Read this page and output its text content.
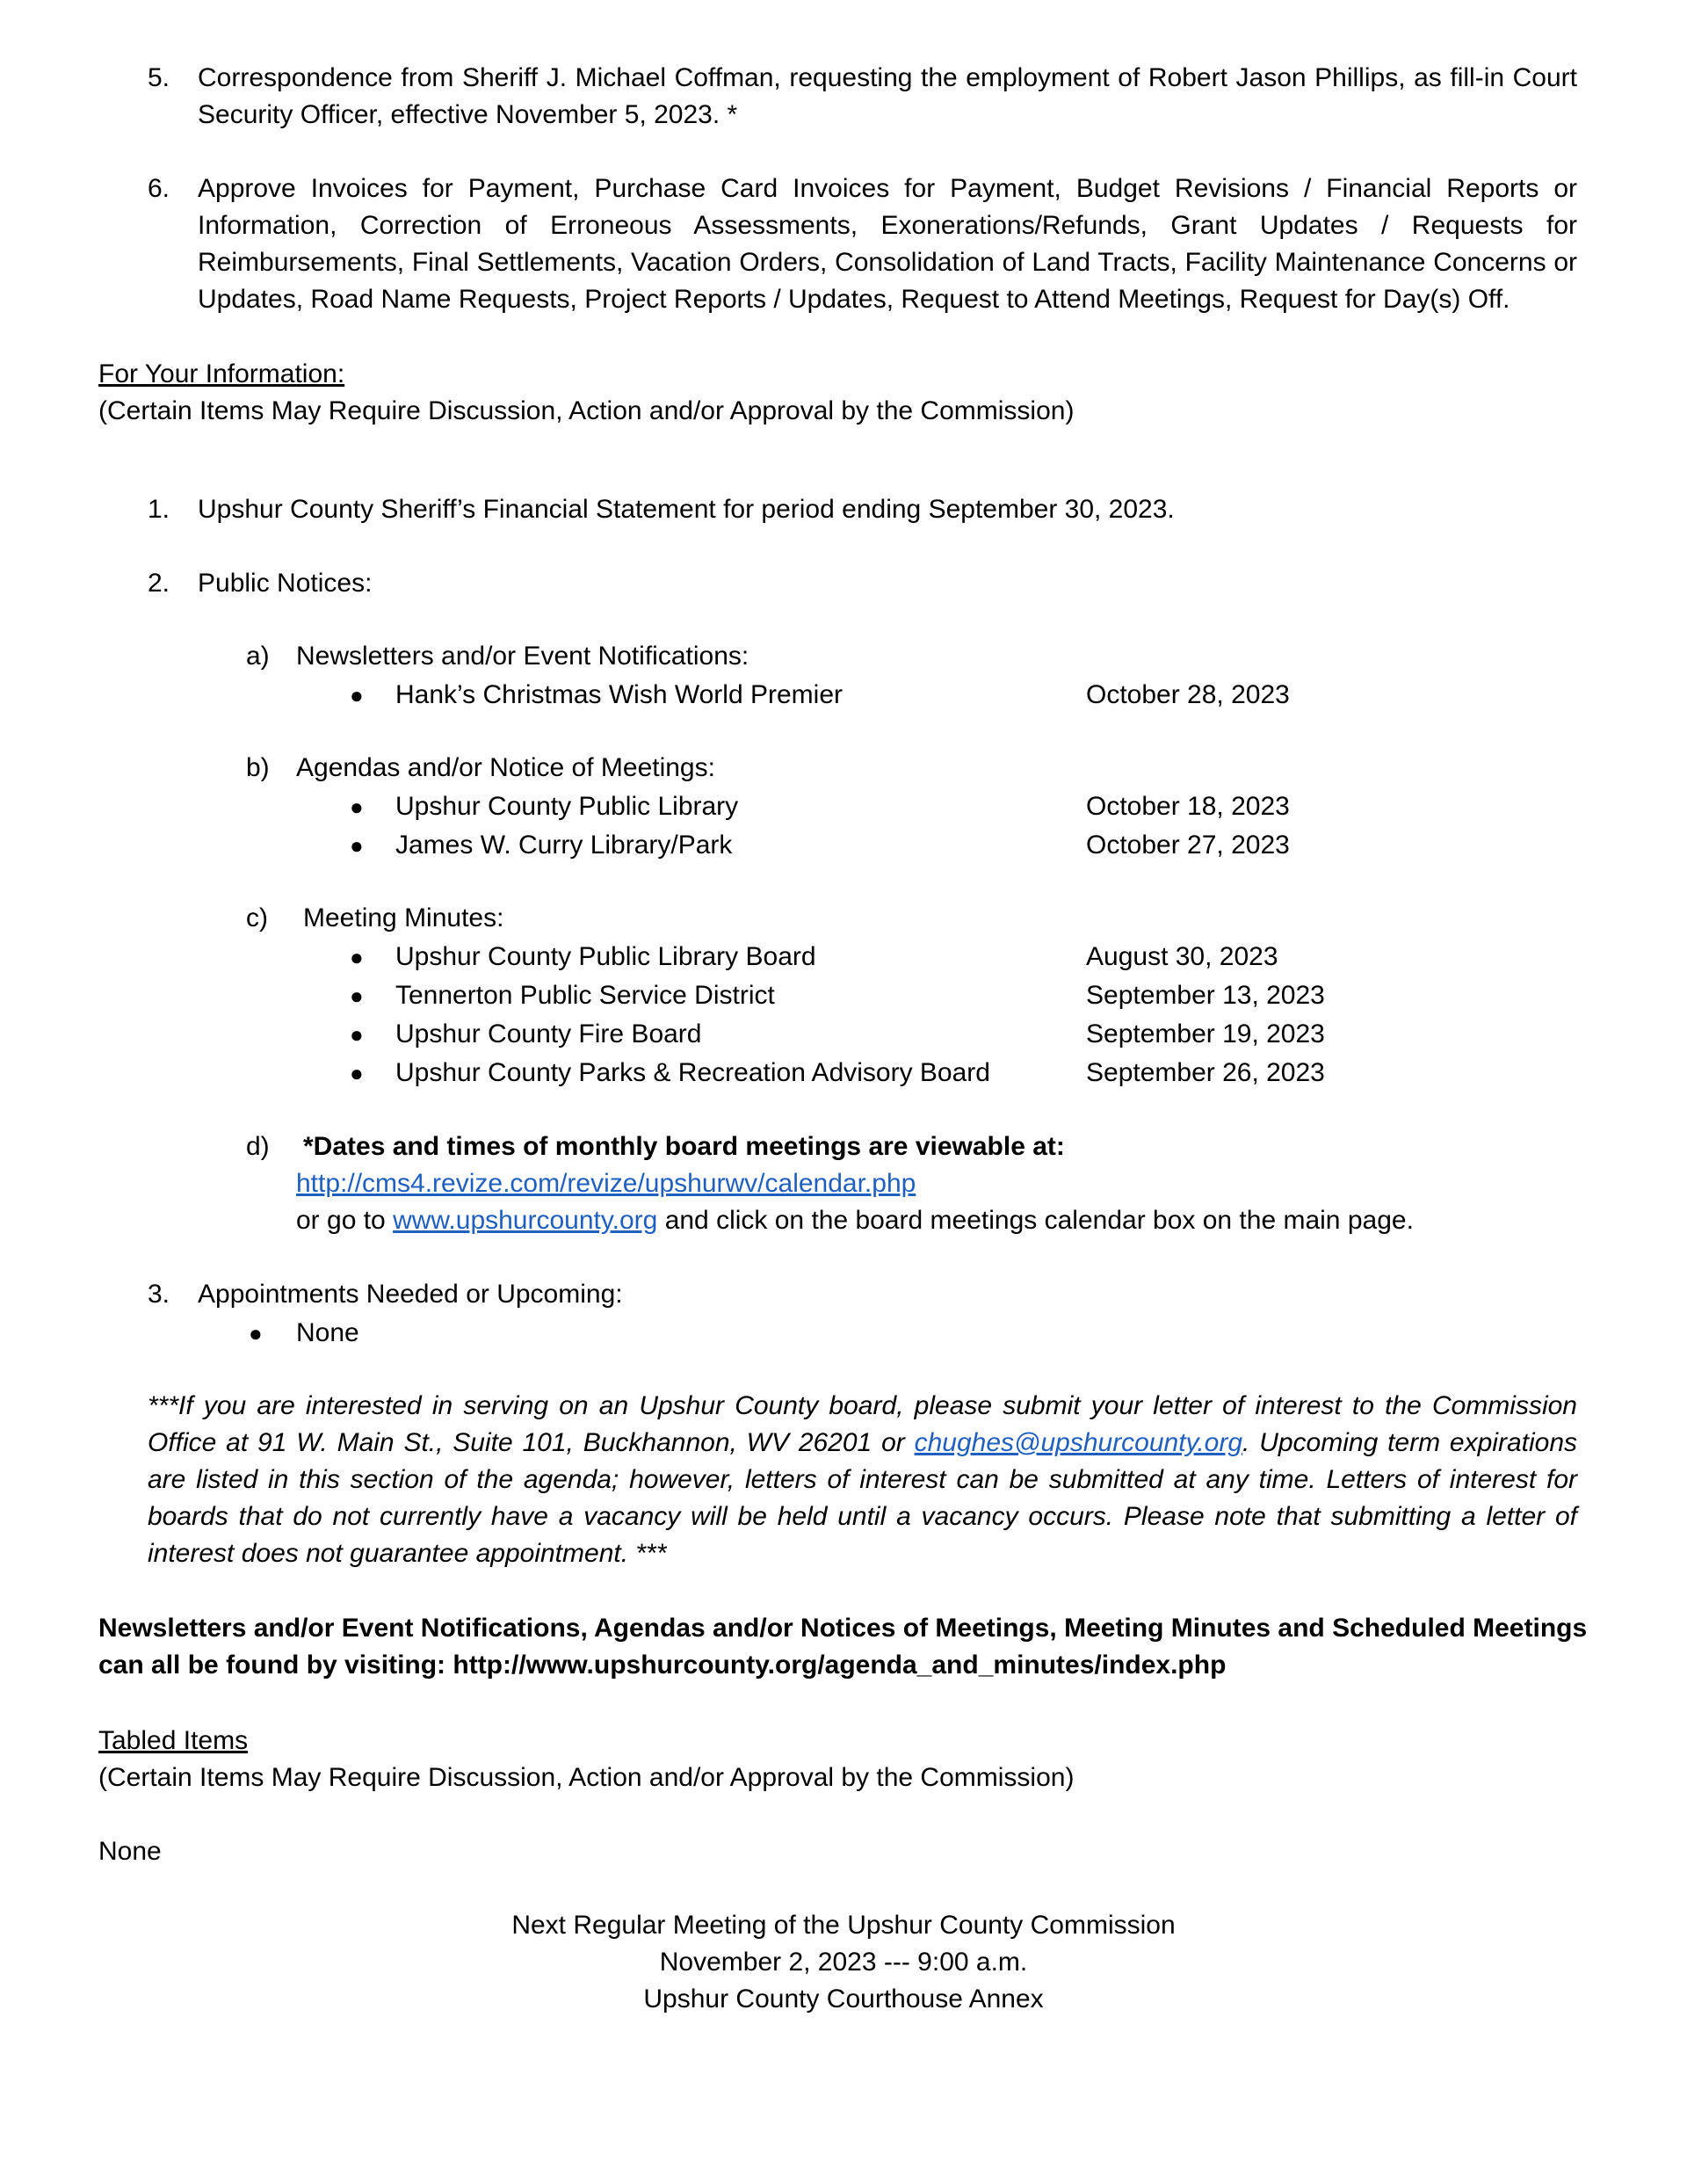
5. Correspondence from Sheriff J. Michael Coffman, requesting the employment of Robert Jason Phillips, as fill-in Court Security Officer, effective November 5, 2023. *
6. Approve Invoices for Payment, Purchase Card Invoices for Payment, Budget Revisions / Financial Reports or Information, Correction of Erroneous Assessments, Exonerations/Refunds, Grant Updates / Requests for Reimbursements, Final Settlements, Vacation Orders, Consolidation of Land Tracts, Facility Maintenance Concerns or Updates, Road Name Requests, Project Reports / Updates, Request to Attend Meetings, Request for Day(s) Off.
For Your Information:
(Certain Items May Require Discussion, Action and/or Approval by the Commission)
1. Upshur County Sheriff’s Financial Statement for period ending September 30, 2023.
2. Public Notices:
a) Newsletters and/or Event Notifications:
● Hank’s Christmas Wish World Premier	October 28, 2023
b) Agendas and/or Notice of Meetings:
● Upshur County Public Library	October 18, 2023
● James W. Curry Library/Park	October 27, 2023
c) Meeting Minutes:
● Upshur County Public Library Board	August 30, 2023
● Tennerton Public Service District	September 13, 2023
● Upshur County Fire Board	September 19, 2023
● Upshur County Parks & Recreation Advisory Board	September 26, 2023
d) *Dates and times of monthly board meetings are viewable at:
http://cms4.revize.com/revize/upshurwv/calendar.php
or go to www.upshurcounty.org and click on the board meetings calendar box on the main page.
3. Appointments Needed or Upcoming:
● None
***If you are interested in serving on an Upshur County board, please submit your letter of interest to the Commission Office at 91 W. Main St., Suite 101, Buckhannon, WV 26201 or chughes@upshurcounty.org. Upcoming term expirations are listed in this section of the agenda; however, letters of interest can be submitted at any time. Letters of interest for boards that do not currently have a vacancy will be held until a vacancy occurs. Please note that submitting a letter of interest does not guarantee appointment. ***
Newsletters and/or Event Notifications, Agendas and/or Notices of Meetings, Meeting Minutes and Scheduled Meetings
can all be found by visiting: http://www.upshurcounty.org/agenda_and_minutes/index.php
Tabled Items
(Certain Items May Require Discussion, Action and/or Approval by the Commission)
None
Next Regular Meeting of the Upshur County Commission
November 2, 2023 --- 9:00 a.m.
Upshur County Courthouse Annex
